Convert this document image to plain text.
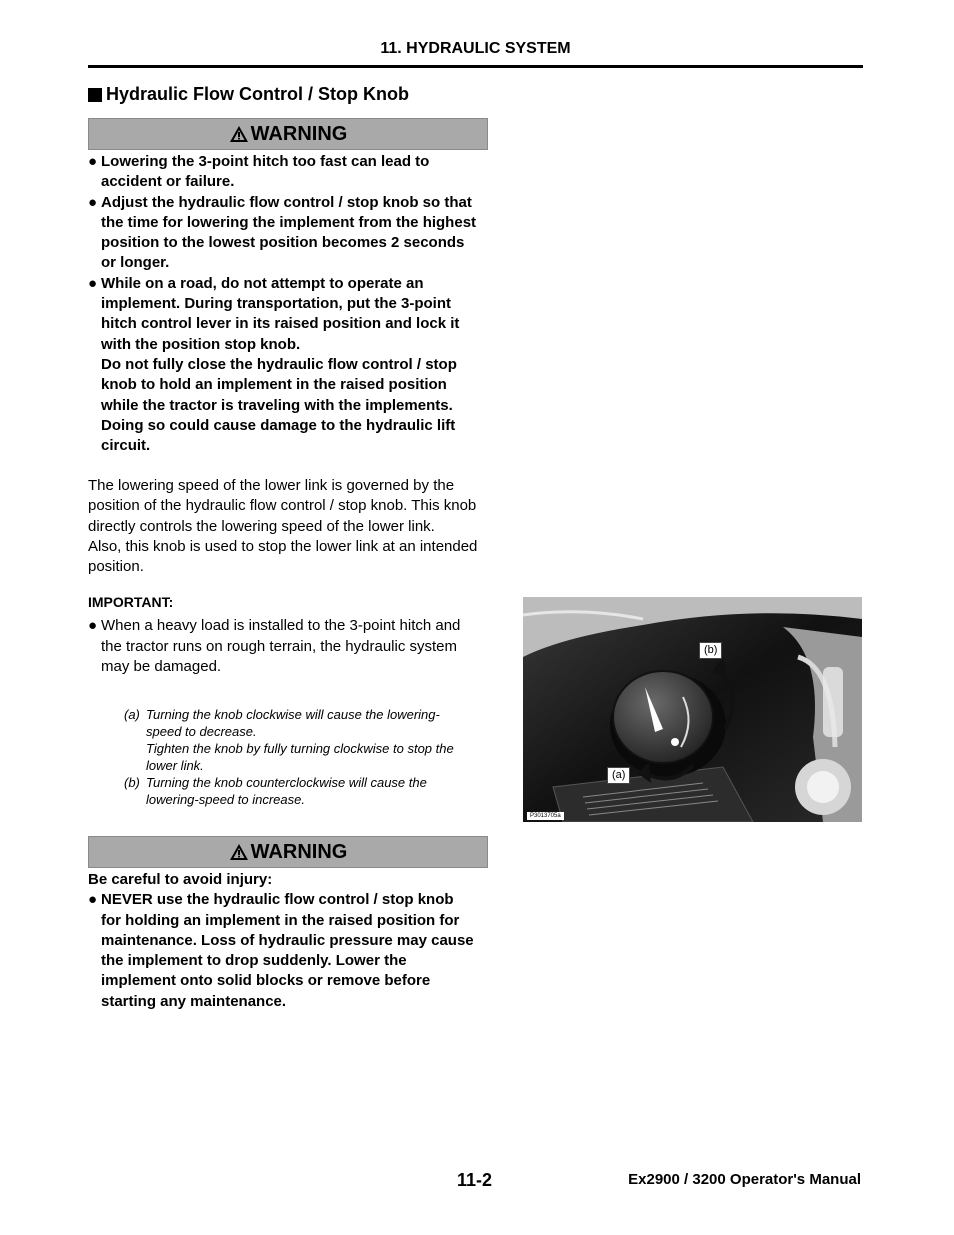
11. HYDRAULIC SYSTEM
Hydraulic Flow Control / Stop Knob
WARNING
● Lowering the 3-point hitch too fast can lead to
accident or failure.
● Adjust the hydraulic flow control / stop knob so that
the time for lowering the implement from the highest
position to the lowest position becomes 2 seconds
or longer.
● While on a road, do not attempt to operate an
implement. During transportation, put the 3-point
hitch control lever in its raised position and lock it
with the position stop knob.
Do not fully close the hydraulic flow control / stop
knob to hold an implement in the raised position
while the tractor is traveling with the implements.
Doing so could cause damage to the hydraulic lift
circuit.
The lowering speed of the lower link is governed by the
position of the hydraulic flow control / stop knob. This knob
directly controls the lowering speed of the lower link.
Also, this knob is used to stop the lower link at an intended
position.
IMPORTANT:
● When a heavy load is installed to the 3-point hitch and
the tractor runs on rough terrain, the hydraulic system
may be damaged.
(a) Turning the knob clockwise will cause the lowering-
speed to decrease.
Tighten the knob by fully turning clockwise to stop the
lower link.
(b) Turning the knob counterclockwise will cause the
lowering-speed to increase.
(b)
(a)
P3013705a
WARNING
Be careful to avoid injury:
● NEVER use the hydraulic flow control / stop knob
for holding an implement in the raised position for
maintenance. Loss of hydraulic pressure may cause
the implement to drop suddenly. Lower the
implement onto solid blocks or remove before
starting any maintenance.
11-2	Ex2900 / 3200 Operator's Manual
